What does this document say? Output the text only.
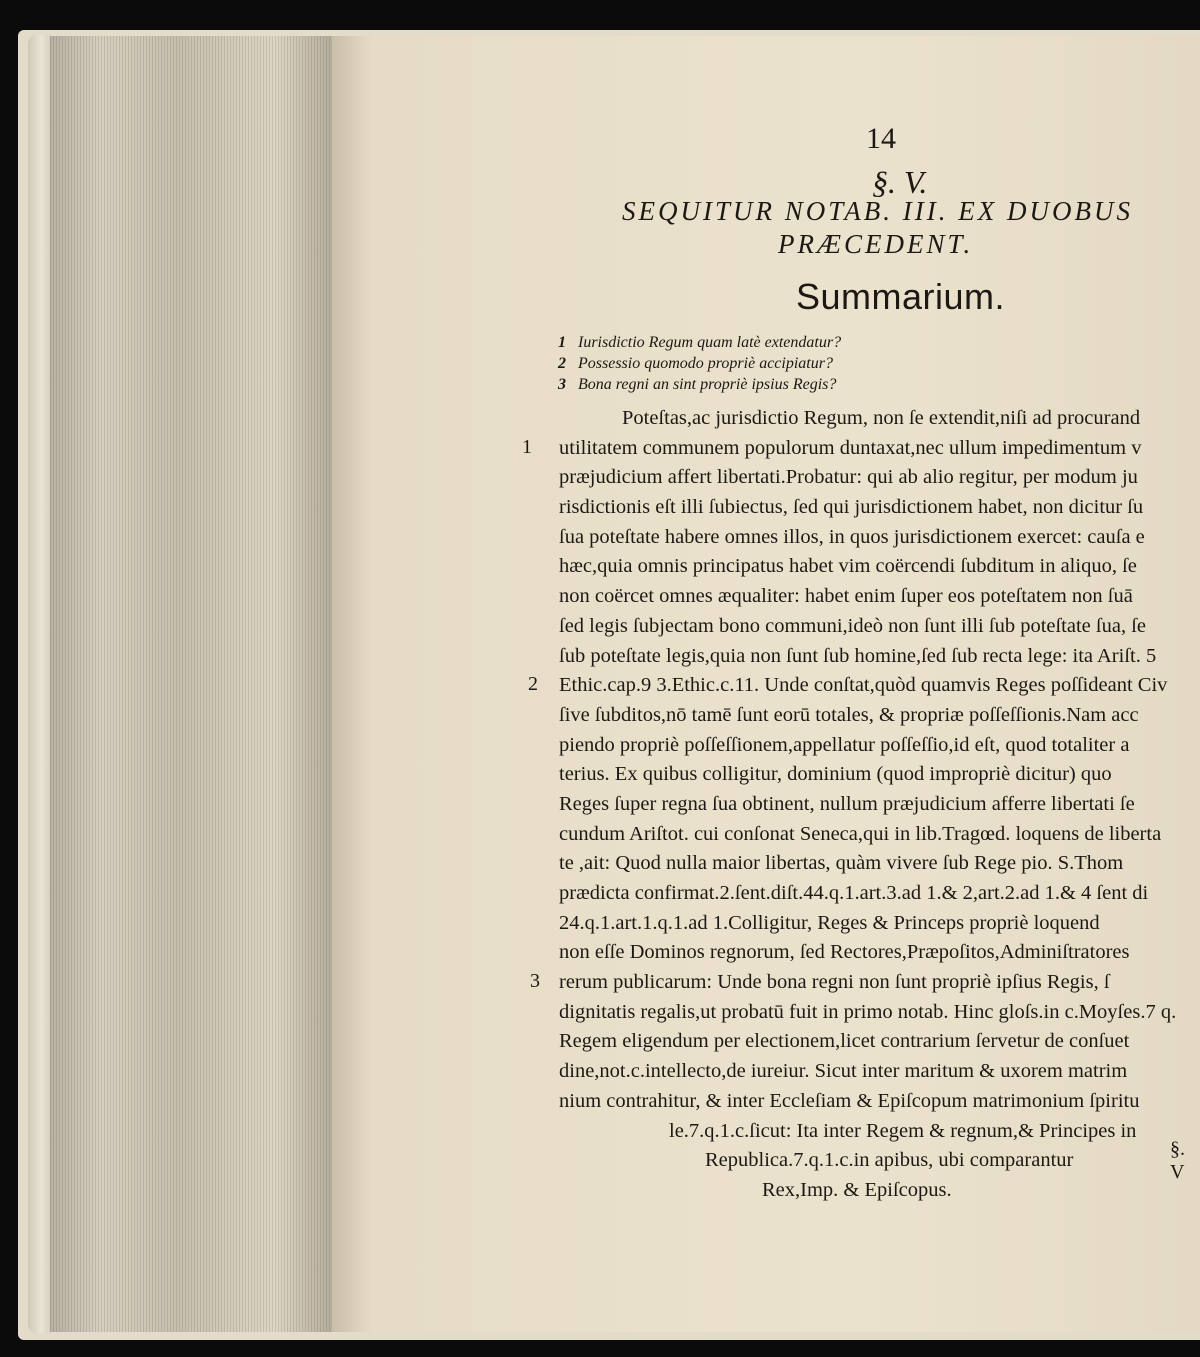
14
§. V.
SEQUITUR NOTAB. III. EX DUOBUS
PRÆCEDENT.
Summarium.
1 Iurisdictio Regum quam latè extendatur?
2 Possessio quomodo propriè accipiatur?
3 Bona regni an sint propriè ipsius Regis?
1
2
3
Poteſtas,ac jurisdictio Regum, non ſe extendit,niſi ad procurand
utilitatem communem populorum duntaxat,nec ullum impedimentum v
præjudicium affert libertati.Probatur: qui ab alio regitur, per modum ju
risdictionis eſt illi ſubiectus, ſed qui jurisdictionem habet, non dicitur ſu
ſua poteſtate habere omnes illos, in quos jurisdictionem exercet: cauſa e
hæc,quia omnis principatus habet vim coërcendi ſubditum in aliquo, ſe
non coërcet omnes æqualiter: habet enim ſuper eos poteſtatem non ſuā
ſed legis ſubjectam bono communi,ideò non ſunt illi ſub poteſtate ſua, ſe
ſub poteſtate legis,quia non ſunt ſub homine,ſed ſub recta lege: ita Ariſt. 5
Ethic.cap.9 3.Ethic.c.11. Unde conſtat,quòd quamvis Reges poſſideant Civ
ſive ſubditos,nō tamē ſunt eorū totales, & propriæ poſſeſſionis.Nam acc
piendo propriè poſſeſſionem,appellatur poſſeſſio,id eſt, quod totaliter a
terius. Ex quibus colligitur, dominium (quod impropriè dicitur) quo
Reges ſuper regna ſua obtinent, nullum præjudicium afferre libertati ſe
cundum Ariſtot. cui conſonat Seneca,qui in lib.Tragœd. loquens de liberta
te ,ait: Quod nulla maior libertas, quàm vivere ſub Rege pio. S.Thom
prædicta confirmat.2.ſent.diſt.44.q.1.art.3.ad 1.& 2,art.2.ad 1.& 4 ſent di
24.q.1.art.1.q.1.ad 1.Colligitur, Reges & Princeps propriè loquend
non eſſe Dominos regnorum, ſed Rectores,Præpoſitos,Adminiſtratores
rerum publicarum: Unde bona regni non ſunt propriè ipſius Regis, ſ
dignitatis regalis,ut probatū fuit in primo notab. Hinc gloſs.in c.Moyſes.7 q.
Regem eligendum per electionem,licet contrarium ſervetur de conſuet
dine,not.c.intellecto,de iureiur. Sicut inter maritum & uxorem matrim
nium contrahitur, & inter Eccleſiam & Epiſcopum matrimonium ſpiritu
le.7.q.1.c.ſicut: Ita inter Regem & regnum,& Principes in
Republica.7.q.1.c.in apibus, ubi comparantur
Rex,Imp. & Epiſcopus.
§. V
